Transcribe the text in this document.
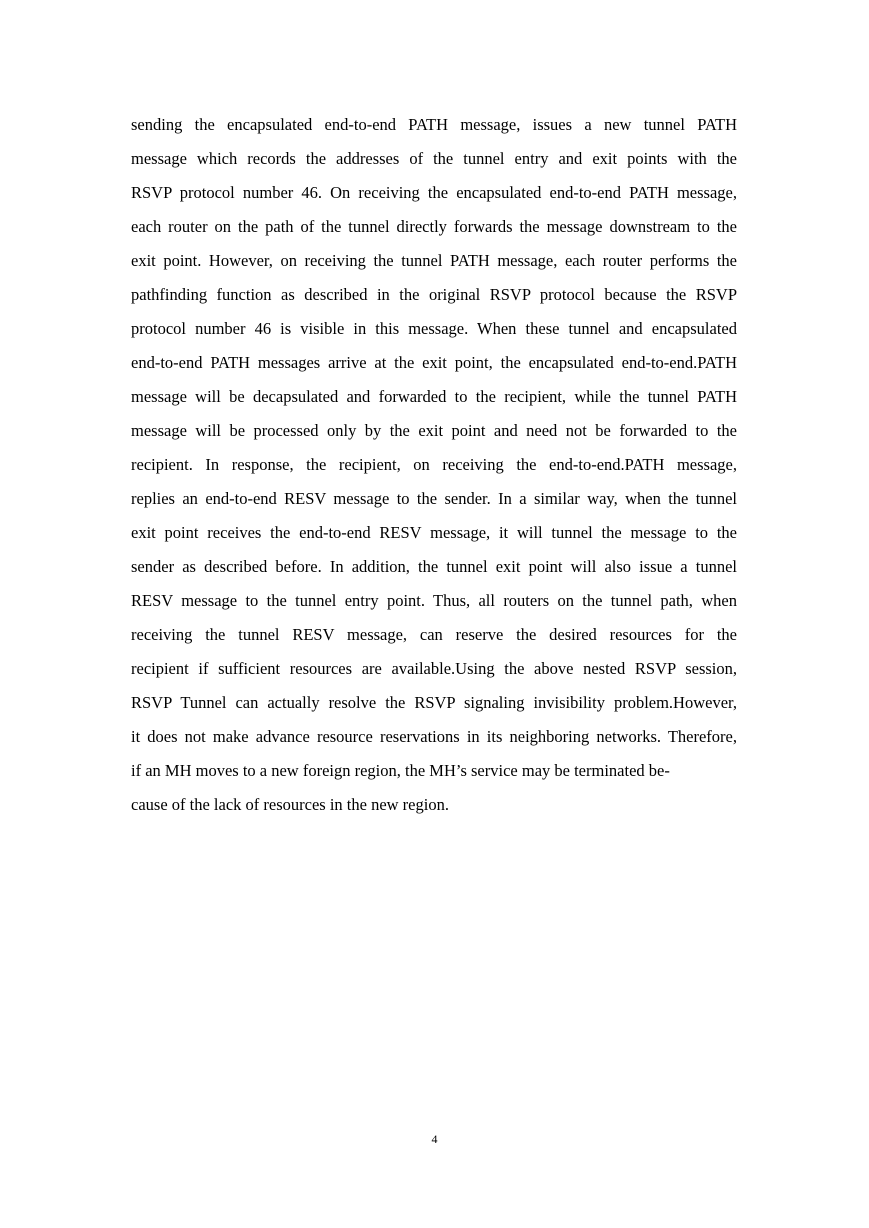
sending the encapsulated end-to-end PATH message, issues a new tunnel PATH
message which records the addresses of the tunnel entry and exit points with the
RSVP protocol number 46. On receiving the encapsulated end-to-end PATH message,
each router on the path of the tunnel directly forwards the message downstream to the
exit point. However, on receiving the tunnel PATH message, each router performs the
pathfinding function as described in the original RSVP protocol because the RSVP
protocol number 46 is visible in this message. When these tunnel and encapsulated
end-to-end PATH messages arrive at the exit point, the encapsulated end-to-end.PATH
message will be decapsulated and forwarded to the recipient, while the tunnel PATH
message will be processed only by the exit point and need not be forwarded to the
recipient. In response, the recipient, on receiving the end-to-end.PATH message,
replies an end-to-end RESV message to the sender. In a similar way, when the tunnel
exit point receives the end-to-end RESV message, it will tunnel the message to the
sender as described before. In addition, the tunnel exit point will also issue a tunnel
RESV message to the tunnel entry point. Thus, all routers on the tunnel path, when
receiving the tunnel RESV message, can reserve the desired resources for the
recipient if sufficient resources are available.Using the above nested RSVP session,
RSVP Tunnel can actually resolve the RSVP signaling invisibility problem.However,
it does not make advance resource reservations in its neighboring networks. Therefore,
if an MH moves to a new foreign region, the MH’s service may be terminated be-
cause of the lack of resources in the new region.
4
